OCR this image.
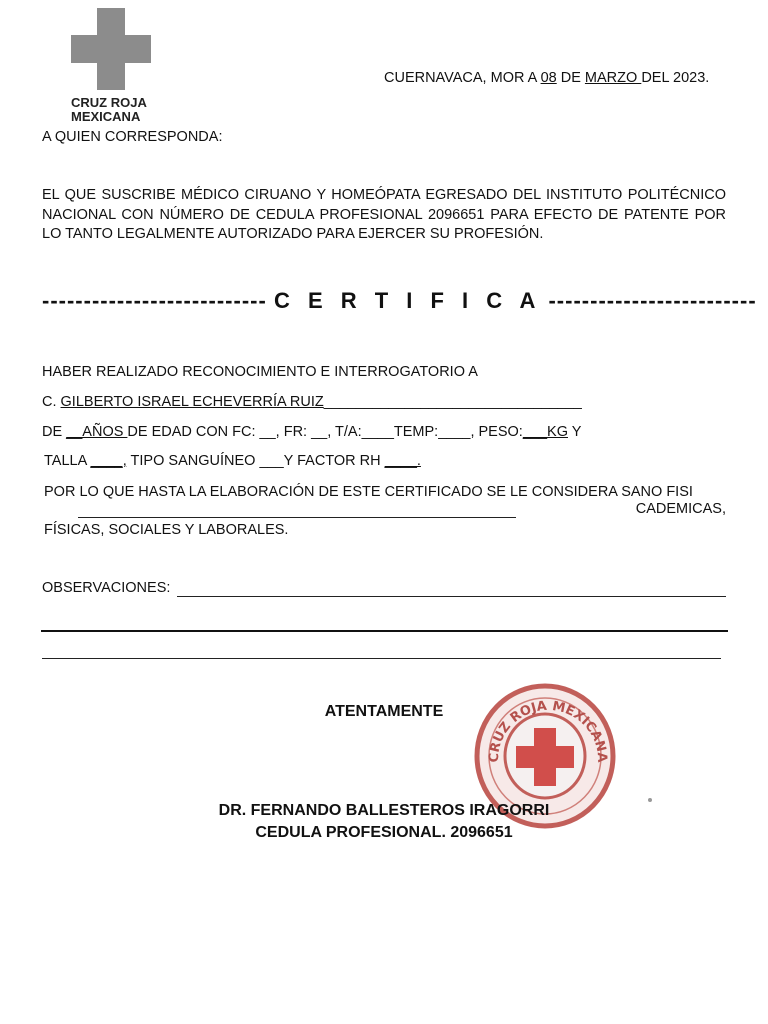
CRUZ ROJA
MEXICANA
CUERNAVACA, MOR A 08 DE MARZO DEL 2023.
A QUIEN CORRESPONDA:
EL QUE SUSCRIBE MÉDICO CIRUANO Y HOMEÓPATA EGRESADO DEL INSTITUTO POLITÉCNICO NACIONAL CON NÚMERO DE CEDULA PROFESIONAL 2096651 PARA EFECTO DE PATENTE POR LO TANTO LEGALMENTE AUTORIZADO PARA EJERCER SU PROFESIÓN.
--------------------------- C E R T I F I C A -------------------------
HABER REALIZADO RECONOCIMIENTO E INTERROGATORIO A
C. GILBERTO ISRAEL ECHEVERRÍA RUIZ________________________________
DE __AÑOS DE EDAD CON FC: __, FR: __, T/A:____TEMP:____, PESO:___KG Y
TALLA ____, TIPO SANGUÍNEO ___Y FACTOR RH ____.
POR LO QUE HASTA LA ELABORACIÓN DE ESTE CERTIFICADO SE LE CONSIDERA SANO FISI
FÍSICAS, SOCIALES Y LABORALES.
CADEMICAS,
OBSERVACIONES:
CRUZ ROJA MEXICANA
ATENTAMENTE
DR. FERNANDO BALLESTEROS IRAGORRI
CEDULA PROFESIONAL. 2096651
